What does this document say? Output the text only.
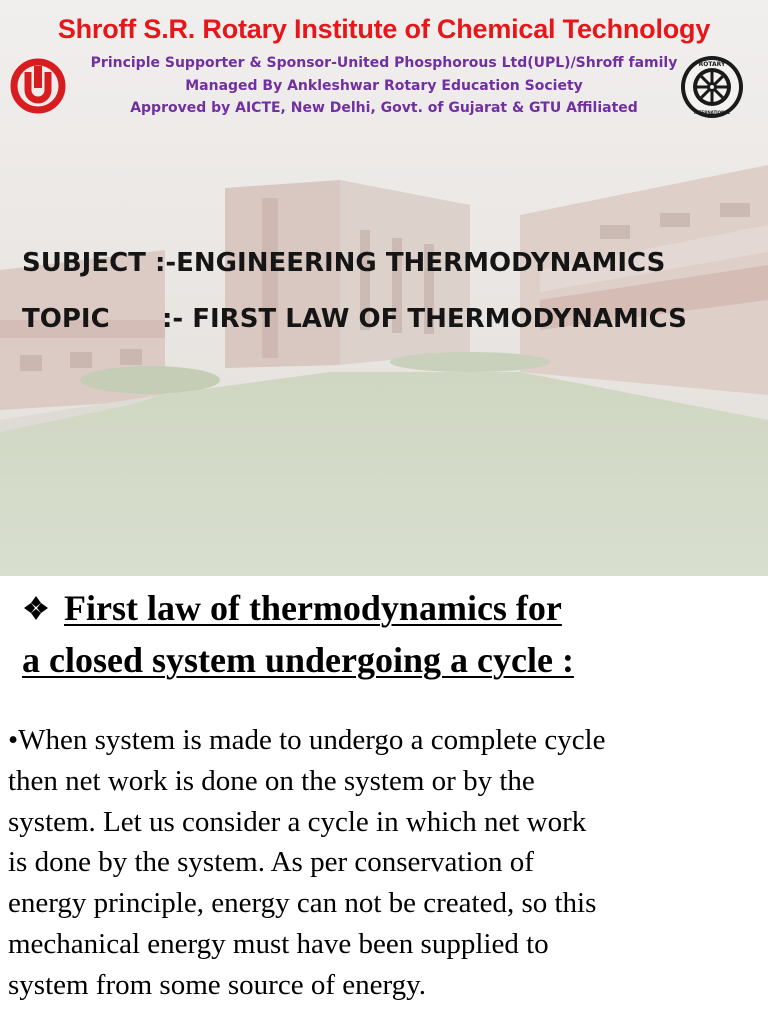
Shroff S.R. Rotary Institute of Chemical Technology
Principle Supporter & Sponsor-United Phosphorous Ltd(UPL)/Shroff family
Managed By Ankleshwar Rotary Education Society
Approved by AICTE, New Delhi, Govt. of Gujarat & GTU Affiliated
ROTARY
INTERNATIONAL
SUBJECT :-ENGINEERING THERMODYNAMICS
TOPIC :- FIRST LAW OF THERMODYNAMICS
First law of thermodynamics for
a closed system undergoing a cycle :
•When system is made to undergo a complete cycle
then net work is done on the system or by the
system. Let us consider a cycle in which net work
is done by the system. As per conservation of
energy principle, energy can not be created, so this
mechanical energy must have been supplied to
system from some source of energy.
